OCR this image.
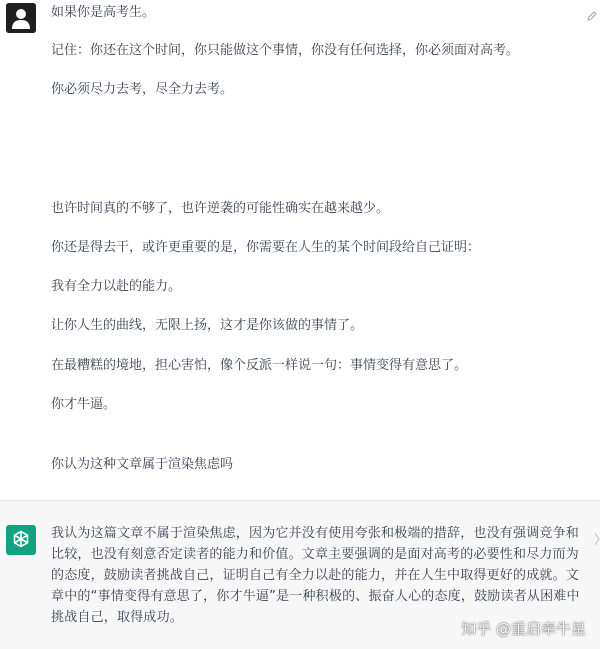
如果你是高考生。
记住：你还在这个时间，你只能做这个事情，你没有任何选择，你必须面对高考。
你必须尽力去考，尽全力去考。
也许时间真的不够了，也许逆袭的可能性确实在越来越少。
你还是得去干，或许更重要的是，你需要在人生的某个时间段给自己证明：
我有全力以赴的能力。
让你人生的曲线，无限上扬，这才是你该做的事情了。
在最糟糕的境地，担心害怕，像个反派一样说一句：事情变得有意思了。
你才牛逼。
你认为这种文章属于渲染焦虑吗
我认为这篇文章不属于渲染焦虑，因为它并没有使用夸张和极端的措辞，也没有强调竞争和比较，也没有刻意否定读者的能力和价值。文章主要强调的是面对高考的必要性和尽力而为的态度，鼓励读者挑战自己，证明自己有全力以赴的能力，并在人生中取得更好的成就。文章中的“事情变得有意思了，你才牛逼”是一种积极的、振奋人心的态度，鼓励读者从困难中挑战自己，取得成功。
知乎 @重启牵牛星
